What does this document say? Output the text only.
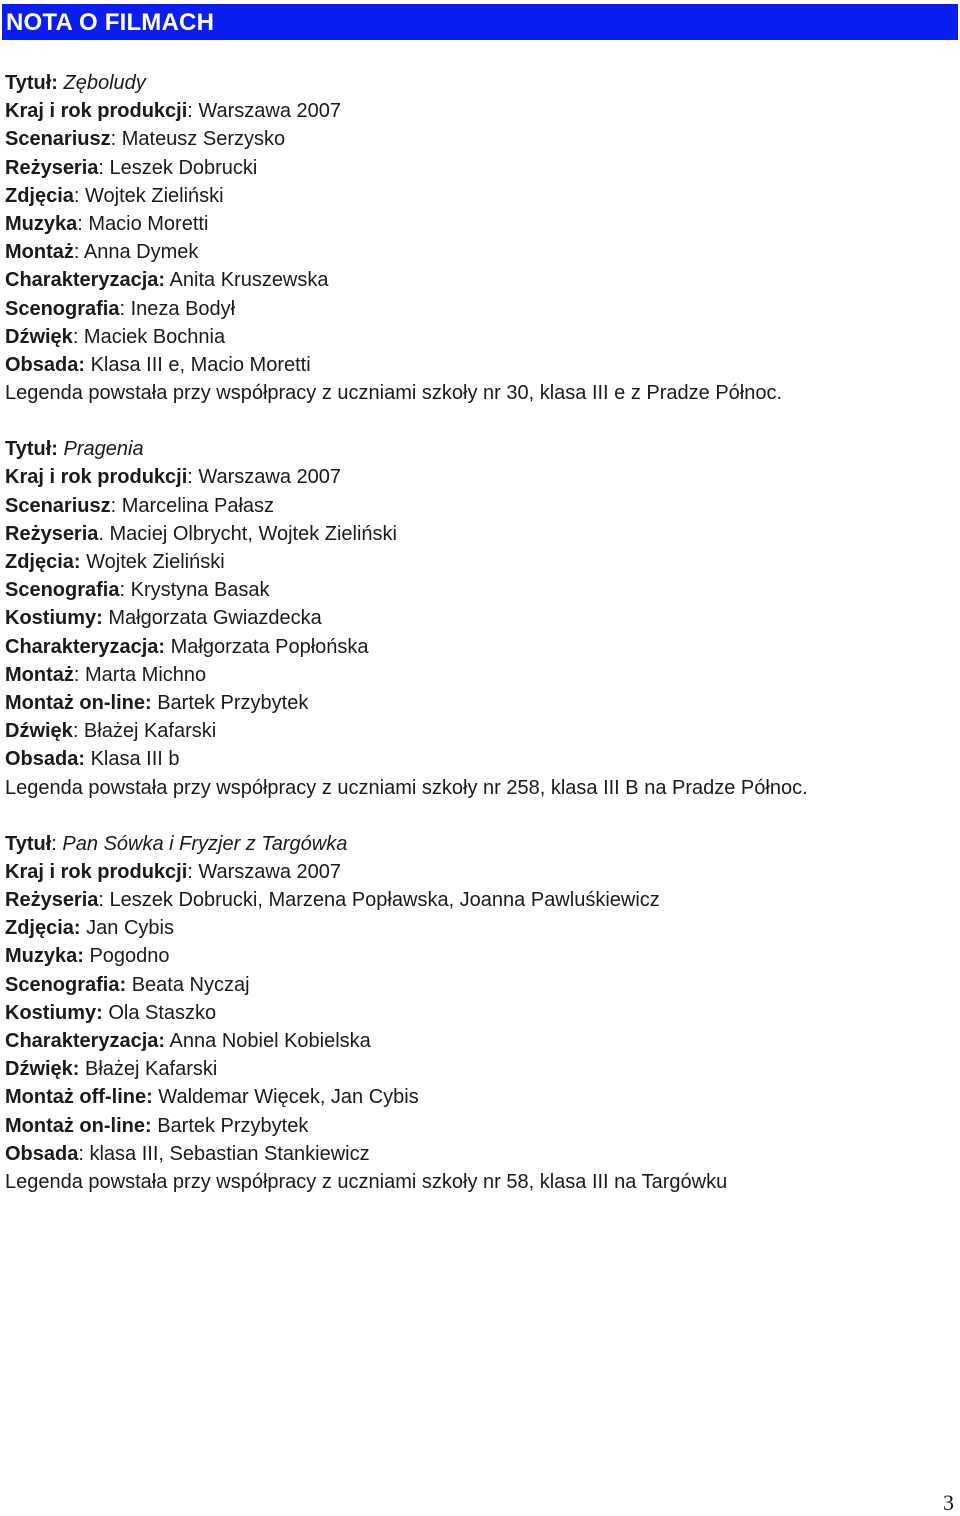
NOTA O FILMACH
Tytuł: Zęboludy
Kraj i rok produkcji: Warszawa 2007
Scenariusz: Mateusz Serzysko
Reżyseria: Leszek Dobrucki
Zdjęcia: Wojtek Zieliński
Muzyka: Macio Moretti
Montaż: Anna Dymek
Charakteryzacja: Anita Kruszewska
Scenografia: Ineza Bodył
Dźwięk: Maciek Bochnia
Obsada: Klasa III e, Macio Moretti
Legenda powstała przy współpracy z uczniami szkoły nr 30, klasa III e z Pradze Północ.
Tytuł: Pragenia
Kraj i rok produkcji: Warszawa 2007
Scenariusz: Marcelina Pałasz
Reżyseria. Maciej Olbrycht, Wojtek Zieliński
Zdjęcia: Wojtek Zieliński
Scenografia: Krystyna Basak
Kostiumy: Małgorzata Gwiazdecka
Charakteryzacja: Małgorzata Popłońska
Montaż: Marta Michno
Montaż on-line: Bartek Przybytek
Dźwięk: Błażej Kafarski
Obsada: Klasa III b
Legenda powstała przy współpracy z uczniami szkoły nr 258, klasa III B na Pradze Północ.
Tytuł: Pan Sówka i Fryzjer z Targówka
Kraj i rok produkcji: Warszawa 2007
Reżyseria: Leszek Dobrucki, Marzena Popławska, Joanna Pawluśkiewicz
Zdjęcia: Jan Cybis
Muzyka: Pogodno
Scenografia: Beata Nyczaj
Kostiumy: Ola Staszko
Charakteryzacja: Anna Nobiel Kobielska
Dźwięk: Błażej Kafarski
Montaż off-line: Waldemar Więcek, Jan Cybis
Montaż on-line: Bartek Przybytek
Obsada: klasa III, Sebastian Stankiewicz
Legenda powstała przy współpracy z uczniami szkoły nr 58, klasa III na Targówku
3
